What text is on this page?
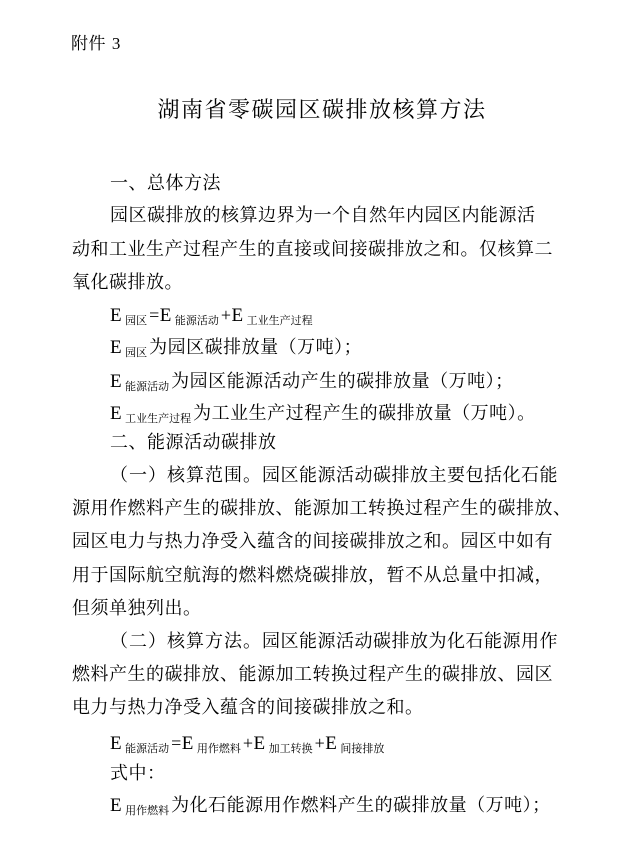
附件 3
湖南省零碳园区碳排放核算方法
一、总体方法
园区碳排放的核算边界为一个自然年内园区内能源活
动和工业生产过程产生的直接或间接碳排放之和。仅核算二
氧化碳排放。
E园区 =E 能源活动 +E 工业生产过程
E园区 为园区碳排放量（万吨）；
E能源活动 为园区能源活动产生的碳排放量（万吨）；
E工业生产过程 为工业生产过程产生的碳排放量（万吨）。
二、能源活动碳排放
（一）核算范围。园区能源活动碳排放主要包括化石能
源用作燃料产生的碳排放、能源加工转换过程产生的碳排放、
园区电力与热力净受入蕴含的间接碳排放之和。园区中如有
用于国际航空航海的燃料燃烧碳排放，暂不从总量中扣减，
但须单独列出。
（二）核算方法。园区能源活动碳排放为化石能源用作
燃料产生的碳排放、能源加工转换过程产生的碳排放、园区
电力与热力净受入蕴含的间接碳排放之和。
E能源活动 =E 用作燃料 +E 加工转换 +E 间接排放
式中：
E用作燃料 为化石能源用作燃料产生的碳排放量（万吨）；
